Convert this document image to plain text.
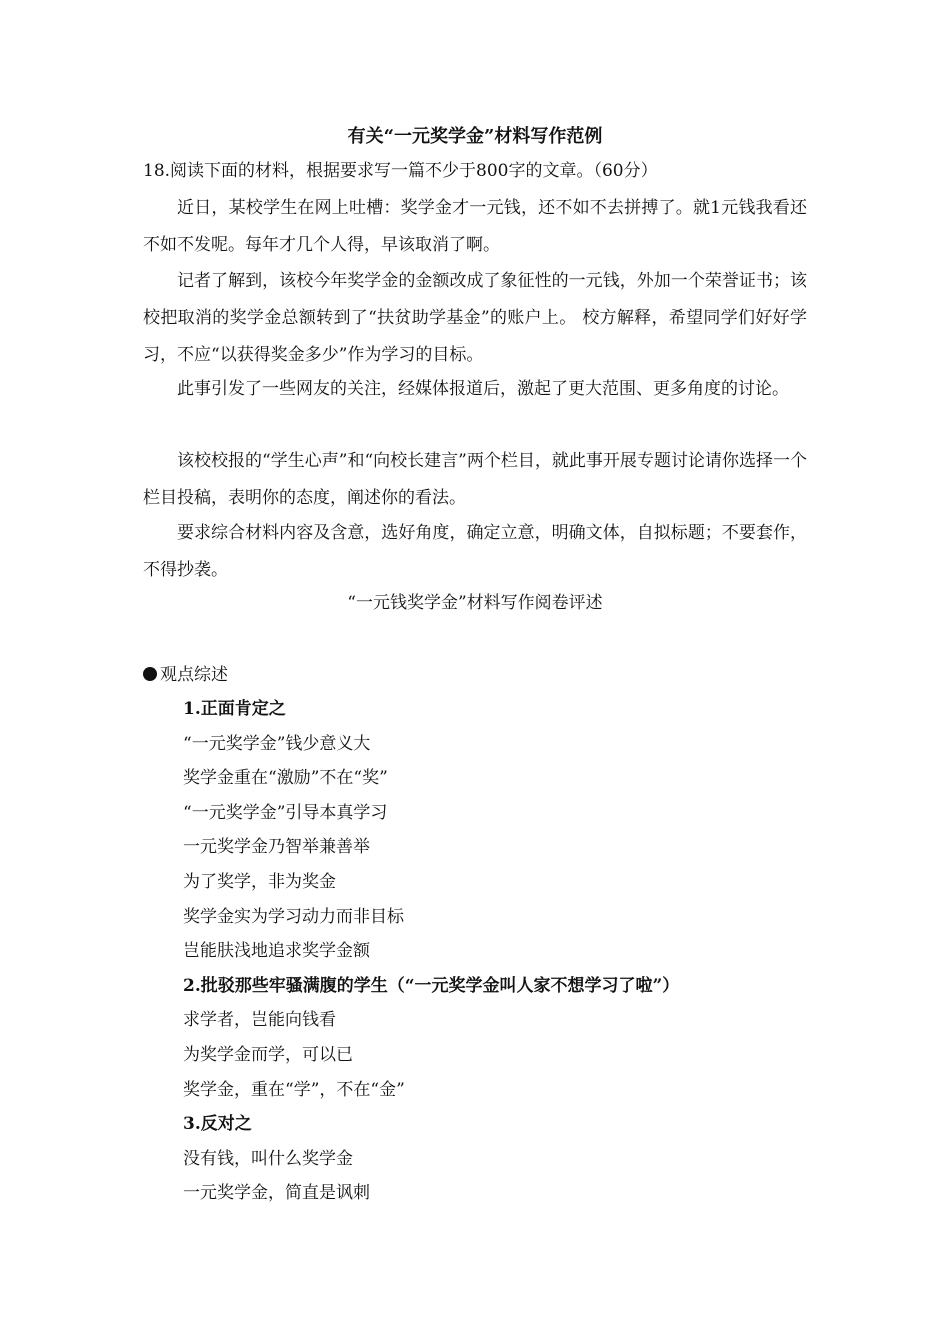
有关“一元奖学金”材料写作范例
18.阅读下面的材料，根据要求写一篇不少于800字的文章。（60分）

近日，某校学生在网上吐槽：奖学金才一元钱，还不如不去拼搏了。就1元钱我看还不如不发呢。每年才几个人得，早该取消了啊。

记者了解到，该校今年奖学金的金额改成了象征性的一元钱，外加一个荣誉证书；该校把取消的奖学金总额转到了“扶贫助学基金”的账户上。 校方解释，希望同学们好好学习，不应“以获得奖金多少”作为学习的目标。

此事引发了一些网友的关注，经媒体报道后，激起了更大范围、更多角度的讨论。

该校校报的“学生心声”和“向校长建言”两个栏目，就此事开展专题讨论请你选择一个栏目投稿，表明你的态度，阐述你的看法。

要求综合材料内容及含意，选好角度，确定立意，明确文体，自拟标题；不要套作，不得抄袭。

“一元钱奖学金”材料写作阅卷评述
观点综述
1.正面肯定之
“一元奖学金”钱少意义大
奖学金重在“激励”不在“奖”
“一元奖学金”引导本真学习
一元奖学金乃智举兼善举
为了奖学，非为奖金
奖学金实为学习动力而非目标
岂能肤浅地追求奖学金额
2.批驳那些牢骚满腹的学生（“一元奖学金叫人家不想学习了啦”）
求学者，岂能向钱看
为奖学金而学，可以已
奖学金，重在“学”，不在“金”
3.反对之
没有钱，叫什么奖学金
一元奖学金，简直是讽刺
